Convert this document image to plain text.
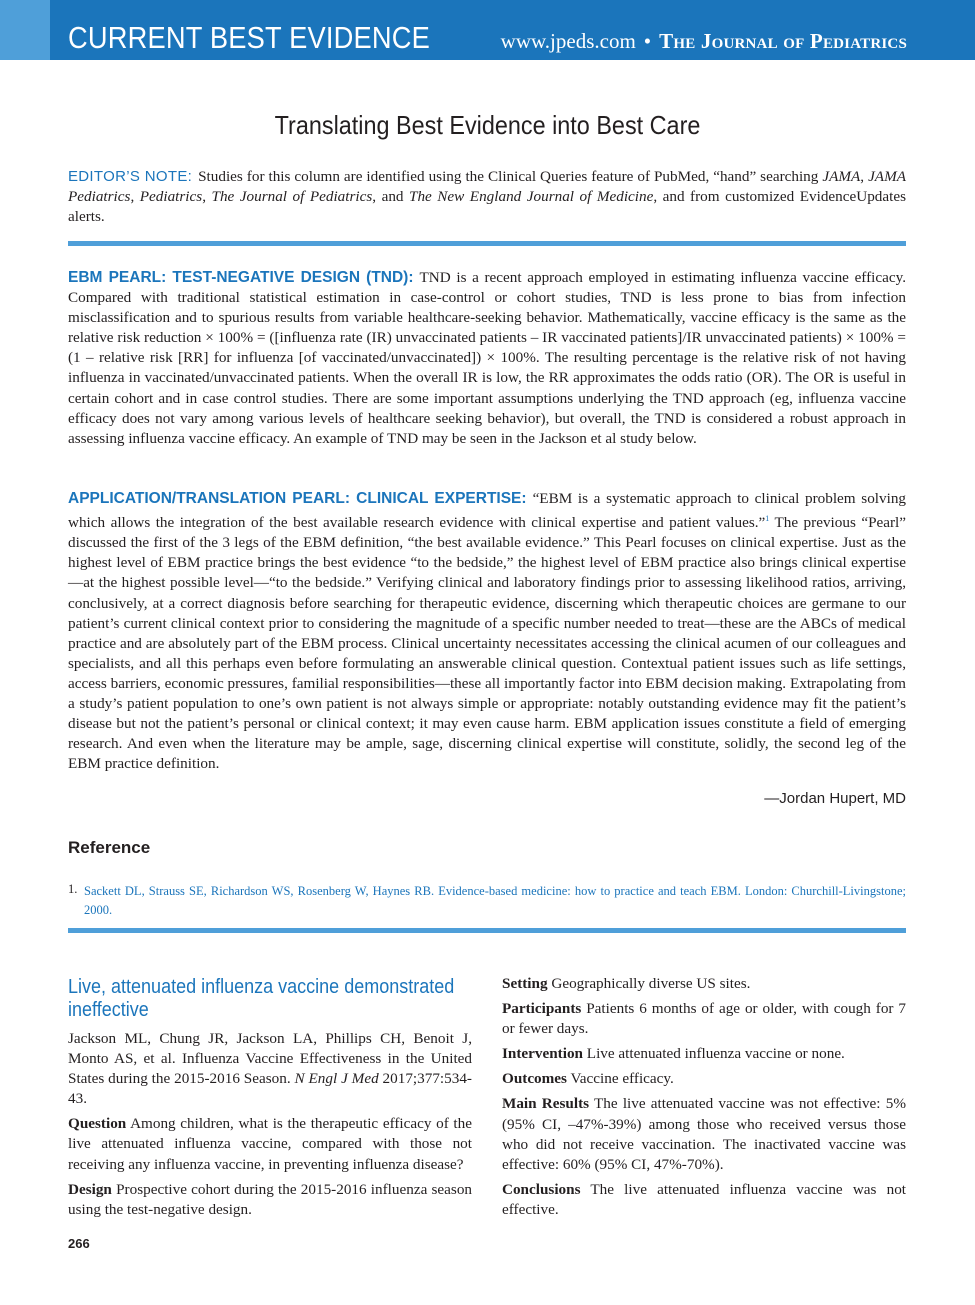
CURRENT BEST EVIDENCE	www.jpeds.com • The Journal of Pediatrics
Translating Best Evidence into Best Care
EDITOR’S NOTE: Studies for this column are identified using the Clinical Queries feature of PubMed, “hand” searching JAMA, JAMA Pediatrics, Pediatrics, The Journal of Pediatrics, and The New England Journal of Medicine, and from customized EvidenceUpdates alerts.
EBM PEARL: TEST-NEGATIVE DESIGN (TND): TND is a recent approach employed in estimating influenza vaccine efficacy. Compared with traditional statistical estimation in case-control or cohort studies, TND is less prone to bias from infection misclassification and to spurious results from variable healthcare-seeking behavior. Mathematically, vaccine efficacy is the same as the relative risk reduction × 100% = ([influenza rate (IR) unvaccinated patients – IR vaccinated patients]/IR unvaccinated patients) × 100% = (1 – relative risk [RR] for influenza [of vaccinated/unvaccinated]) × 100%. The resulting percentage is the relative risk of not having influenza in vaccinated/unvaccinated patients. When the overall IR is low, the RR approximates the odds ratio (OR). The OR is useful in certain cohort and in case control studies. There are some important assumptions underlying the TND approach (eg, influenza vaccine efficacy does not vary among various levels of healthcare seeking behavior), but overall, the TND is considered a robust approach in assessing influenza vaccine efficacy. An example of TND may be seen in the Jackson et al study below.
APPLICATION/TRANSLATION PEARL: CLINICAL EXPERTISE: “EBM is a systematic approach to clinical problem solving which allows the integration of the best available research evidence with clinical expertise and patient values.”$^1$ The previous “Pearl” discussed the first of the 3 legs of the EBM definition, “the best available evidence.” This Pearl focuses on clinical expertise. Just as the highest level of EBM practice brings the best evidence “to the bedside,” the highest level of EBM practice also brings clinical expertise—at the highest possible level—“to the bedside.” Verifying clinical and laboratory findings prior to assessing likelihood ratios, arriving, conclusively, at a correct diagnosis before searching for therapeutic evidence, discerning which therapeutic choices are germane to our patient’s current clinical context prior to considering the magnitude of a specific number needed to treat—these are the ABCs of medical practice and are absolutely part of the EBM process. Clinical uncertainty necessitates accessing the clinical acumen of our colleagues and specialists, and all this perhaps even before formulating an answerable clinical question. Contextual patient issues such as life settings, access barriers, economic pressures, familial responsibilities—these all importantly factor into EBM decision making. Extrapolating from a study’s patient population to one’s own patient is not always simple or appropriate: notably outstanding evidence may fit the patient’s disease but not the patient’s personal or clinical context; it may even cause harm. EBM application issues constitute a field of emerging research. And even when the literature may be ample, sage, discerning clinical expertise will constitute, solidly, the second leg of the EBM practice definition.
—Jordan Hupert, MD
Reference
1. Sackett DL, Strauss SE, Richardson WS, Rosenberg W, Haynes RB. Evidence-based medicine: how to practice and teach EBM. London: Churchill-Livingstone; 2000.
Live, attenuated influenza vaccine demonstrated ineffective

Jackson ML, Chung JR, Jackson LA, Phillips CH, Benoit J, Monto AS, et al. Influenza Vaccine Effectiveness in the United States during the 2015-2016 Season. N Engl J Med 2017;377:534-43.

Question Among children, what is the therapeutic efficacy of the live attenuated influenza vaccine, compared with those not receiving any influenza vaccine, in preventing influenza disease?

Design Prospective cohort during the 2015-2016 influenza season using the test-negative design.

Setting Geographically diverse US sites.

Participants Patients 6 months of age or older, with cough for 7 or fewer days.

Intervention Live attenuated influenza vaccine or none.

Outcomes Vaccine efficacy.

Main Results The live attenuated vaccine was not effective: 5% (95% CI, –47%-39%) among those who received versus those who did not receive vaccination. The inactivated vaccine was effective: 60% (95% CI, 47%-70%).

Conclusions The live attenuated influenza vaccine was not effective.

266
